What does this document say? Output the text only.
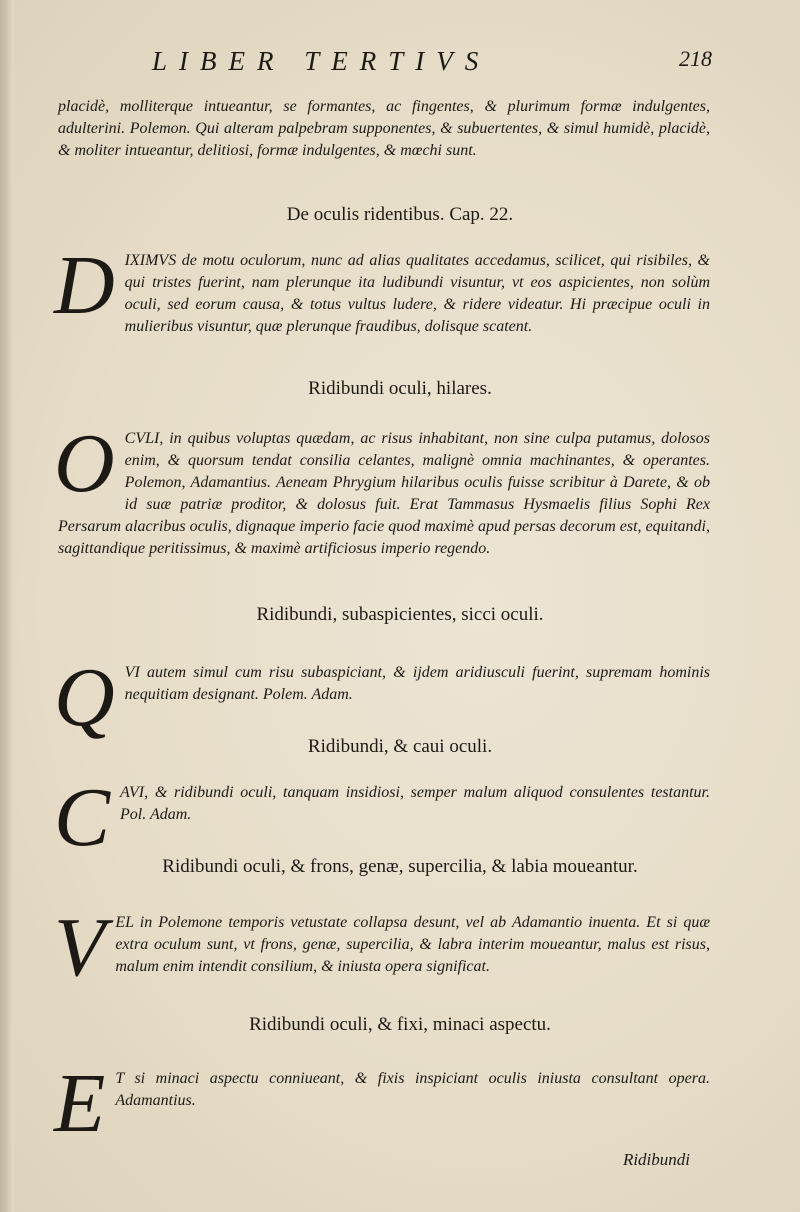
LIBER TERTIVS	218
placidè, molliterque intueantur, se formantes, ac fingentes, & plurimum formæ indulgentes, adulterini. Polemon. Qui alteram palpebram supponentes, & subuertentes, & simul humidè, placidè, & moliter intueantur, delitiosi, formæ indulgentes, & mœchi sunt.
De oculis ridentibus. Cap. 22.
D IXIMVS de motu oculorum, nunc ad alias qualitates accedamus, scilicet, qui risibiles, & qui tristes fuerint, nam plerunque ita ludibundi visuntur, vt eos aspicientes, non solùm oculi, sed eorum causa, & totus vultus ludere, & ridere videatur. Hi præcipue oculi in mulieribus visuntur, quæ plerunque fraudibus, dolisque scatent.
Ridibundi oculi, hilares.
O CVLI, in quibus voluptas quædam, ac risus inhabitant, non sine culpa putamus, dolosos enim, & quorsum tendat consilia celantes, malignè omnia machinantes, & operantes. Polemon, Adamantius. Aeneam Phrygium hilaribus oculis fuisse scribitur à Darete, & ob id suæ patriæ proditor, & dolosus fuit. Erat Tammasus Hysmaelis filius Sophi Rex Persarum alacribus oculis, dignaque imperio facie quod maximè apud persas decorum est, equitandi, sagittandique peritissimus, & maximè artificiosus imperio regendo.
Ridibundi, subaspicientes, sicci oculi.
Q VI autem simul cum risu subaspiciant, & ijdem aridiusculi fuerint, supremam hominis nequitiam designant. Polem. Adam.
Ridibundi, & caui oculi.
C AVI, & ridibundi oculi, tanquam insidiosi, semper malum aliquod consulentes testantur. Pol. Adam.
Ridibundi oculi, & frons, genæ, supercilia, & labia moueantur.
V EL in Polemone temporis vetustate collapsa desunt, vel ab Adamantio inuenta. Et si quæ extra oculum sunt, vt frons, genæ, supercilia, & labra interim moueantur, malus est risus, malum enim intendit consilium, & iniusta opera significat.
Ridibundi oculi, & fixi, minaci aspectu.
E T si minaci aspectu conniueant, & fixis inspiciant oculis iniusta consultant opera. Adamantius.
Ridibundi
